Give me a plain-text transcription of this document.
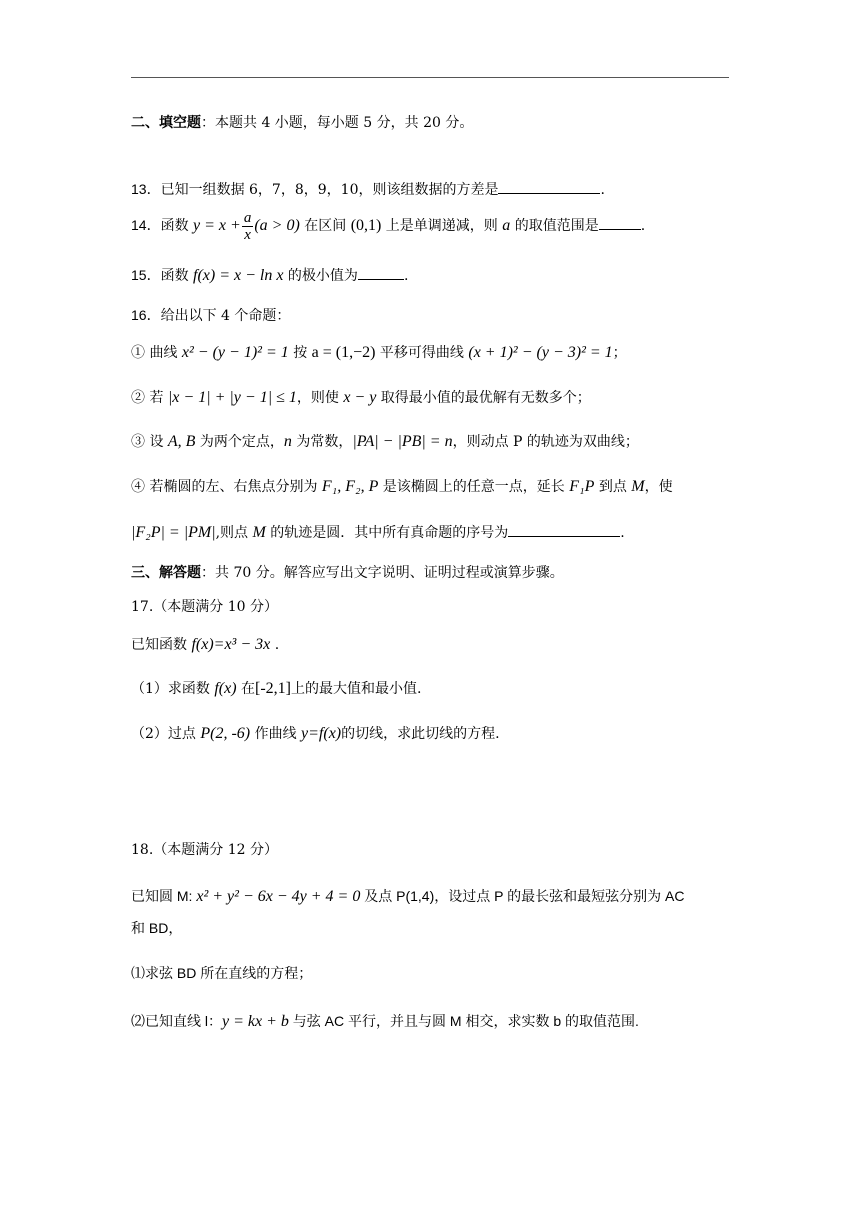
二、填空题：本题共 4 小题，每小题 5 分，共 20 分。
13．已知一组数据 6，7，8，9，10，则该组数据的方差是	.
14．函数 $y = x + \frac{a}{x} (a > 0)$ 在区间 (0,1) 上是单调递减，则 a 的取值范围是	.
15．函数 f(x) = x − ln x 的极小值为	.
16．给出以下 4 个命题：
① 曲线 x² − (y − 1)² = 1 按 a = (1,−2) 平移可得曲线 (x + 1)² − (y − 3)² = 1；
② 若 |x − 1| + |y − 1| ≤ 1，则使 x − y 取得最小值的最优解有无数多个；
③ 设 A, B 为两个定点，n 为常数，|PA| − |PB| = n，则动点 P 的轨迹为双曲线；
④ 若椭圆的左、右焦点分别为 F₁, F₂, P 是该椭圆上的任意一点，延长 F₁P 到点 M，使
|F₂P| = |PM|,则点 M 的轨迹是圆．其中所有真命题的序号为	.
三、解答题：共 70 分。解答应写出文字说明、证明过程或演算步骤。
17.（本题满分 10 分）
已知函数 f(x)=x³ − 3x .
（1）求函数 f(x) 在[-2,1]上的最大值和最小值.
（2）过点 P(2, -6) 作曲线 y=f(x)的切线，求此切线的方程.
18.（本题满分 12 分）
已知圆 M: x² + y² − 6x − 4y + 4 = 0 及点 P(1,4)，设过点 P 的最长弦和最短弦分别为 AC
和 BD，
⑴求弦 BD 所在直线的方程；
⑵已知直线 l：y = kx + b 与弦 AC 平行，并且与圆 M 相交，求实数 b 的取值范围.
